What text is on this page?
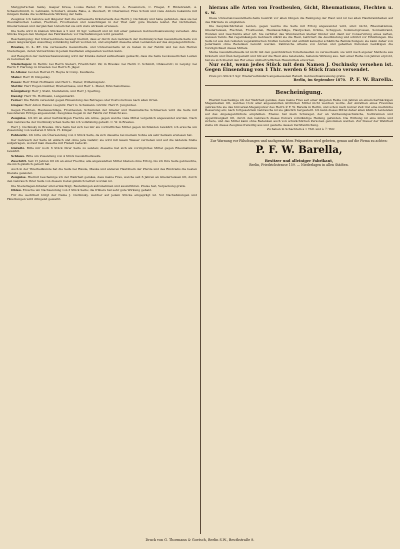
Marggraf'schen Seife), Gaspar Kruse, Louise Bader, Fr. Duschöck, A. Rosenstock, C. Fliegel, F. Hildebrandt, A. Schaarschmidt, G. Lehmann, Schubert, Amalie Rabe, A. Pauckert, W. Oberlenner, Frau Schulz und viele Andere bekannte mit innigem Danke die wohlthuende Wirkung der Seife.

Zeugniss: Ich benutze seit längerer Zeit die verbesserte Kräuterseife des Herrn J. Oschinsky und habe gefunden, dass sie bei rheumatischen Leiden, Flechten, Frostbeulen und Ausschlägen in der That sehr gute Dienste leistet. Bei Gichtleiden, Gliederreissen und dergleichen Uebeln hat sie sich stets wirksam erwiesen.

Die Seife wird in kleinen Stücken à 5 und 10 Sgr. verkauft und ist mit einer genauen Gebrauchsanweisung versehen. Alle Stücke tragen den Stempel des Fabrikanten; vor Nachahmungen wird gewarnt.

Bescheinigung: Der Unterzeichnete bezeugt hiermit, dass er durch den Gebrauch der Oschinsky'schen Gesundheits-Seife von einem langwierigen Ausschlag vollständig befreit worden ist, und empfiehlt dieselbe allen Leidenden auf das Angelegentlichste.

Breslau, C. L. 67. Die verbesserte Gesundheits- und Universal-Seife ist zu haben in der Fabrik und bei den Herren Niederlagen, deren Verzeichniss in jedem Kaufladen eingesehen werden kann.

Auf Rezeption der Gebrauchsanweisung wird der Kranke darauf aufmerksam gemacht, dass die Seife bei äusserlichen Leiden zu benutzen ist.

Niederlagen: In Berlin: bei Herrn Siebert, Friedrichstr. 99; in Breslau: bei Herrn C. Schmidt, Ohlauerstr.; in Leipzig: bei Herrn F. Hartung; in Dresden: bei Herrn R. Jäger.

In Altona: bei den Herren H. Heyne & Comp. Kaufleute.

Mainz: Herr W. Dingeldey.

Posen: Herr Ernst Hoffmann und Herr L. Weber, Wilhelmsplatz.

Stettin: Herr Eugen Gunther, Breitestrasse, und Herr L. Meier, Mönchenstrasse.

Königsberg: Herr J. Stahl, Steindamm, und Herr J. Sperling.

Danzig: Herr Th. Hoffmann, Langenmarkt.

Ferner: Die Fabrik versendet gegen Einsendung des Betrages oder Postvorschuss nach allen Orten.

Glogau: Herr Anton Welzel. Liegnitz: Herr G. Schumann. Görlitz: Herr E. Jungnickel.

Gegen Flechten, Hautausschläge, Frostbeulen, Schwinden der Glieder und rheumatische Schmerzen wird die Seife mit besonderem Erfolge angewendet; Zeugnisse liegen in der Fabrik zur Einsicht aus.

Zeugniss. Ich litt an einer hartnäckigen Flechte am Arme, gegen welche viele Mittel vergeblich angewendet wurden. Nach dem Gebrauche der Oschinsky'schen Seife bin ich vollständig geheilt. C. W. in Breslau.

Herr J. Oschinsky in Breslau. Ihre Seife hat sich bei mir als vortreffliches Mittel gegen Gichtleiden bewährt; ich ersuche um Zusendung von weiteren 6 Stück. H. Kräger.

Pohlewitz. Ich bitte um Übersendung von 2 Stück Seife, da sich dieselbe bei meinem Sohne als sehr heilsam erwiesen hat.

Der Gebrauch der Seife ist einfach und ohne jede Gefahr; sie wird mit lauem Wasser verrieben und auf die leidende Stelle aufgetragen, worauf man dieselbe mit Flanell bedeckt.

Gleiwitz. Bitte mir noch 6 Stück Ihrer Seife zu senden; dieselbe hat sich als vorzügliches Mittel gegen Rheumatismus bewährt.

Schlawe. Bitte um Zusendung von 4 Stück Gesundheitsseife.

Zuschrift. Seit 15 Jahren litt ich an einer Flechte; alle angewandten Mittel blieben ohne Erfolg, bis ich Ihre Seife gebrauchte, die mich gänzlich geheilt hat.

Auch in der Thierheilkunde hat die Seife bei Räude, Mauke und anderen Hautübeln der Pferde und des Rindviehs die besten Dienste geleistet.

Zeugniss. Hiermit bescheinige ich der Wahrheit gemäss, dass meine Frau, welche seit 6 Jahren an Gliederreissen litt, durch den Gebrauch Ihrer Seife von diesem Uebel gänzlich befreit worden ist.

Die Niederlagen-Inhaber sind ermächtigt, Bestellungen aufzunehmen und auszuführen. Preise fest, Verpackung gratis.

Ohlau. Ersuche um Nachsendung von 3 Stück Seife; die frühere hat sehr gute Wirkung gehabt.

Für die Aechtheit bürgt der Name J. Oschinsky, welcher auf jedem Stücke eingeprägt ist. Vor Nachahmungen und Fälschungen wird dringend gewarnt.

hieraus alle Arten von Frostbeulen, Gicht, Rheumatismus, Flechten u. s. w.

Diese Universal-Gesundheits-Seife bewirkt vor allen Dingen die Reinigung der Haut und ist bei allen Hautkrankheiten auf das Wärmste zu empfehlen.

Die hauptsächlichsten Leiden, gegen welche die Seife mit Erfolg angewendet wird, sind: Gicht, Rheumatismus, Gliederreissen, Flechten, Frostbeulen, Hautausschläge, Hautjucken, Krätze, Schuppen, Sommersprossen, Sonnenbrand, Wunden und Geschwüre aller Art. Sie verhütet das Wundwerden kleiner Kinder und dient zur Conservirung eines zarten, weissen Teints. Bei regelmässigem Gebrauch stärkt sie die Haut, befördert die Ausdünstung und schützt vor Erkältungen. Die Seife ist aus den reinsten vegetabilischen Stoffen bereitet und enthält keinerlei schädliche Beimischungen; sie kann daher von Jedermann ohne Bedenken benutzt werden. Zahlreiche Atteste von Ärzten und geheilten Personen bestätigen die Vorzüglichkeit dieses Mittels.

Meine Gesundheitsseife ist nicht mit den gewöhnlichen Toilettenseifen zu verwechseln; sie wird nach eigener Methode aus Kräutern und Ölen hergestellt und übt auf die Haut eine belebende, heilende Wirkung aus. Seit einer Reihe von Jahren erprobt, hat sie sich überall den Ruf eines unübertrefflichen Hausmittels erworben.

Nur echt, wenn jedes Stück mit dem Namen J. Oschinsky versehen ist. Gegen Einsendung von 1 Thlr. werden 6 Stück franco versendet.

Preis pro Stück 5 Sgr. Wiederverkäufern angemessenen Rabatt. Gebrauchsanweisung gratis.

Berlin, im September 1870. P. F. W. Barella.
Bescheinigung.

Hiermit bescheinige ich der Wahrheit gemäss, dass meine Frau seit einer längeren Reihe von Jahren an einem hartnäckigen Magenleiden litt, welches trotz aller angewandten ärztlichen Mittel nicht weichen wollte. Auf Anrathen eines Freundes gebrauchte sie das Universal-Magenpulver des Herrn P. F. W. Barella in Berlin, und schon nach kurzer Zeit trat eine merkliche Besserung ein; nach fortgesetztem Gebrauche ist sie gänzlich hergestellt. Ich kann dieses Mittel daher allen ähnlich Leidenden auf das Angelegentlichste empfehlen. Ebenso hat mein Schwager, der an Verdauungsschwäche, Sodbrennen und Appetitlosigkeit litt, durch den Gebrauch dieses Pulvers vollständige Heilung gefunden. Die Wirkung ist eine milde und sichere, und das Mittel kann ohne Bedenken auch von schwächlichen Personen genommen werden. Zur Steuer der Wahrheit stelle ich dieses Zeugniss freiwillig aus und gestatte dessen Veröffentlichung.

Zu haben in Schachteln à 1 Thlr. und à ½ Thlr.

Zur Warnung vor Fälschungen und nachgemachten Präparaten wird gebeten, genau auf die Firma zu achten:
P. F. W. Barella,
Besitzer und alleiniger Fabrikant,
Berlin, Friedrichstrasse 159. — Niederlagen in allen Städten.
Druck von G. Thormann & Goetsch, Berlin S.W., Beuthstraße 8.
